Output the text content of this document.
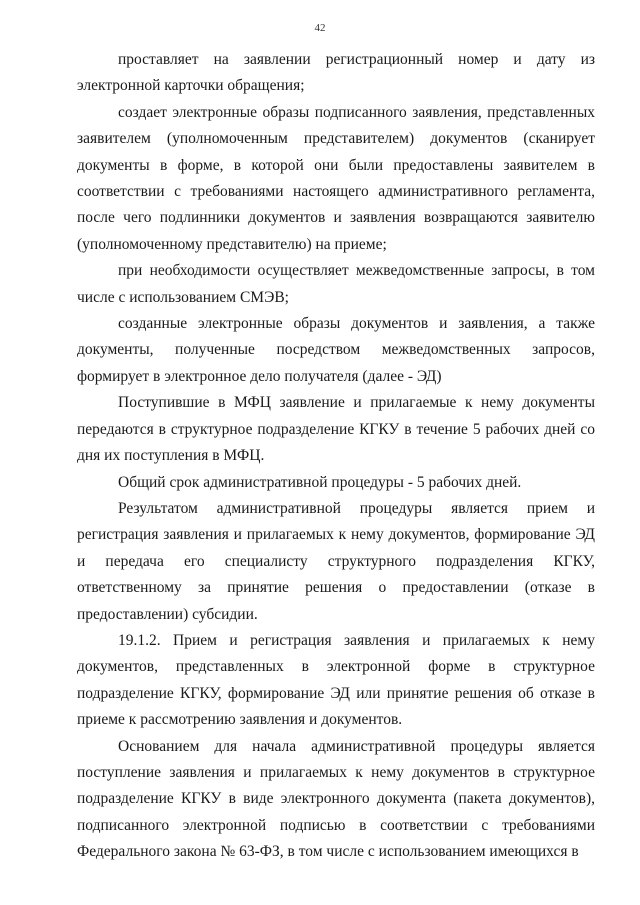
42

проставляет на заявлении регистрационный номер и дату из электронной карточки обращения;

создает электронные образы подписанного заявления, представленных заявителем (уполномоченным представителем) документов (сканирует документы в форме, в которой они были предоставлены заявителем в соответствии с требованиями настоящего административного регламента, после чего подлинники документов и заявления возвращаются заявителю (уполномоченному представителю) на приеме;

при необходимости осуществляет межведомственные запросы, в том числе с использованием СМЭВ;

созданные электронные образы документов и заявления, а также документы, полученные посредством межведомственных запросов, формирует в электронное дело получателя (далее - ЭД)

Поступившие в МФЦ заявление и прилагаемые к нему документы передаются в структурное подразделение КГКУ в течение 5 рабочих дней со дня их поступления в МФЦ.

Общий срок административной процедуры - 5 рабочих дней.

Результатом административной процедуры является прием и регистрация заявления и прилагаемых к нему документов, формирование ЭД и передача его специалисту структурного подразделения КГКУ, ответственному за принятие решения о предоставлении (отказе в предоставлении) субсидии.

19.1.2. Прием и регистрация заявления и прилагаемых к нему документов, представленных в электронной форме в структурное подразделение КГКУ, формирование ЭД или принятие решения об отказе в приеме к рассмотрению заявления и документов.

Основанием для начала административной процедуры является поступление заявления и прилагаемых к нему документов в структурное подразделение КГКУ в виде электронного документа (пакета документов), подписанного электронной подписью в соответствии с требованиями Федерального закона № 63-ФЗ, в том числе с использованием имеющихся в
